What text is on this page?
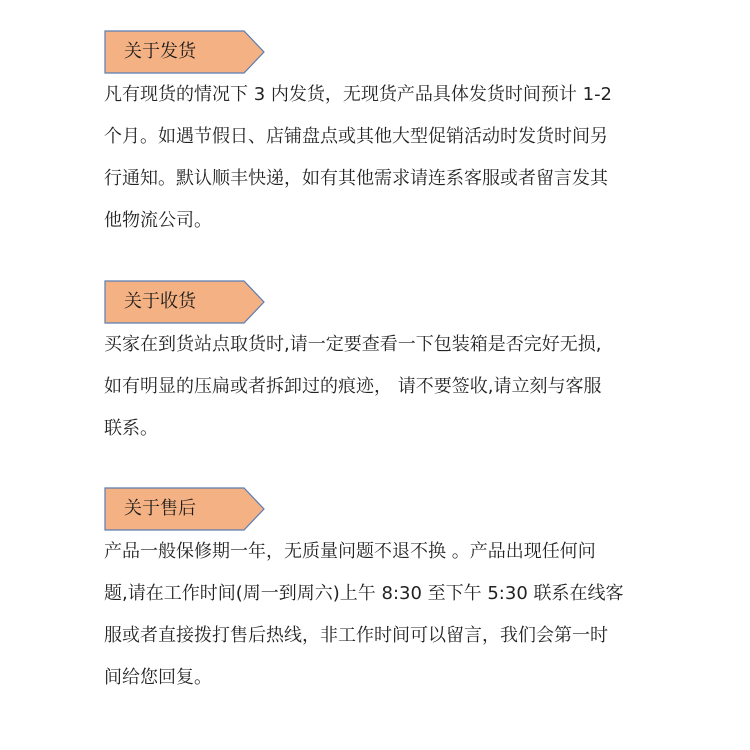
关于发货

凡有现货的情况下 3 内发货，无现货产品具体发货时间预计 1-2
个月。如遇节假日、店铺盘点或其他大型促销活动时发货时间另
行通知。默认顺丰快递，如有其他需求请连系客服或者留言发其
他物流公司。

关于收货

买家在到货站点取货时,请一定要查看一下包装箱是否完好无损,
如有明显的压扁或者拆卸过的痕迹， 请不要签收,请立刻与客服
联系。

关于售后

产品一般保修期一年，无质量问题不退不换 。产品出现任何问
题,请在工作时间(周一到周六)上午 8:30 至下午 5:30 联系在线客
服或者直接拨打售后热线，非工作时间可以留言，我们会第一时
间给您回复。
